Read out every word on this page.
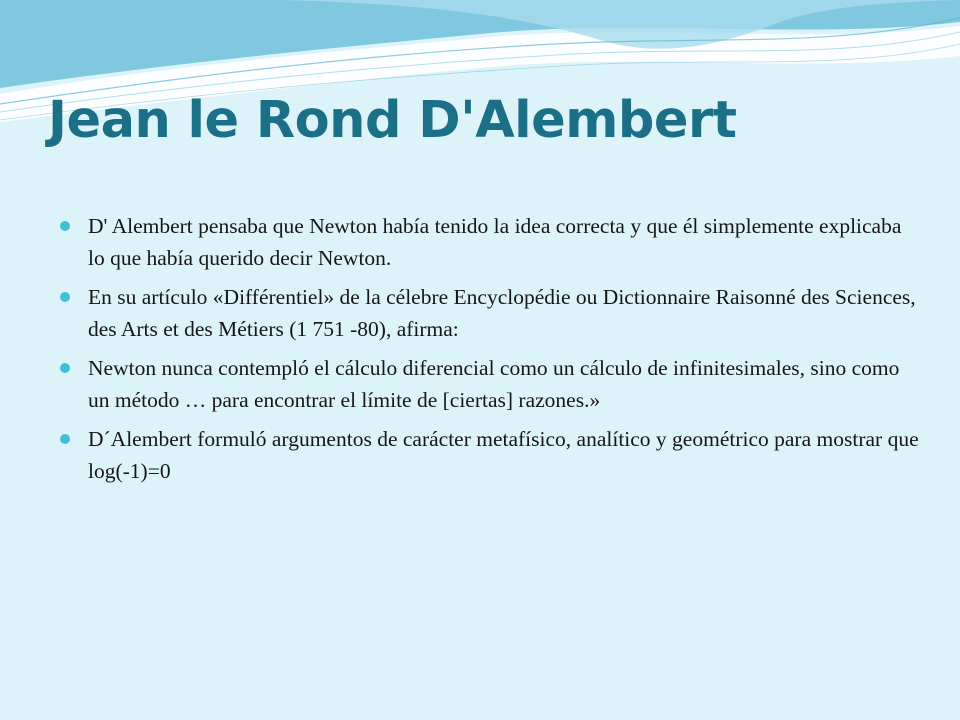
Jean le Rond D'Alembert
D' Alembert pensaba que Newton había tenido la idea correcta y que él simplemente explicaba lo que había querido decir Newton.
En su artículo «Différentiel» de la célebre Encyclopédie ou Dictionnaire Raisonné des Sciences, des Arts et des Métiers (1 751 -80), afirma:
Newton nunca contempló el cálculo diferencial como un cálculo de infinitesimales, sino como un método … para encontrar el límite de [ciertas] razones.»
D´Alembert formuló argumentos de carácter metafísico, analítico y geométrico para mostrar que log(-1)=0
